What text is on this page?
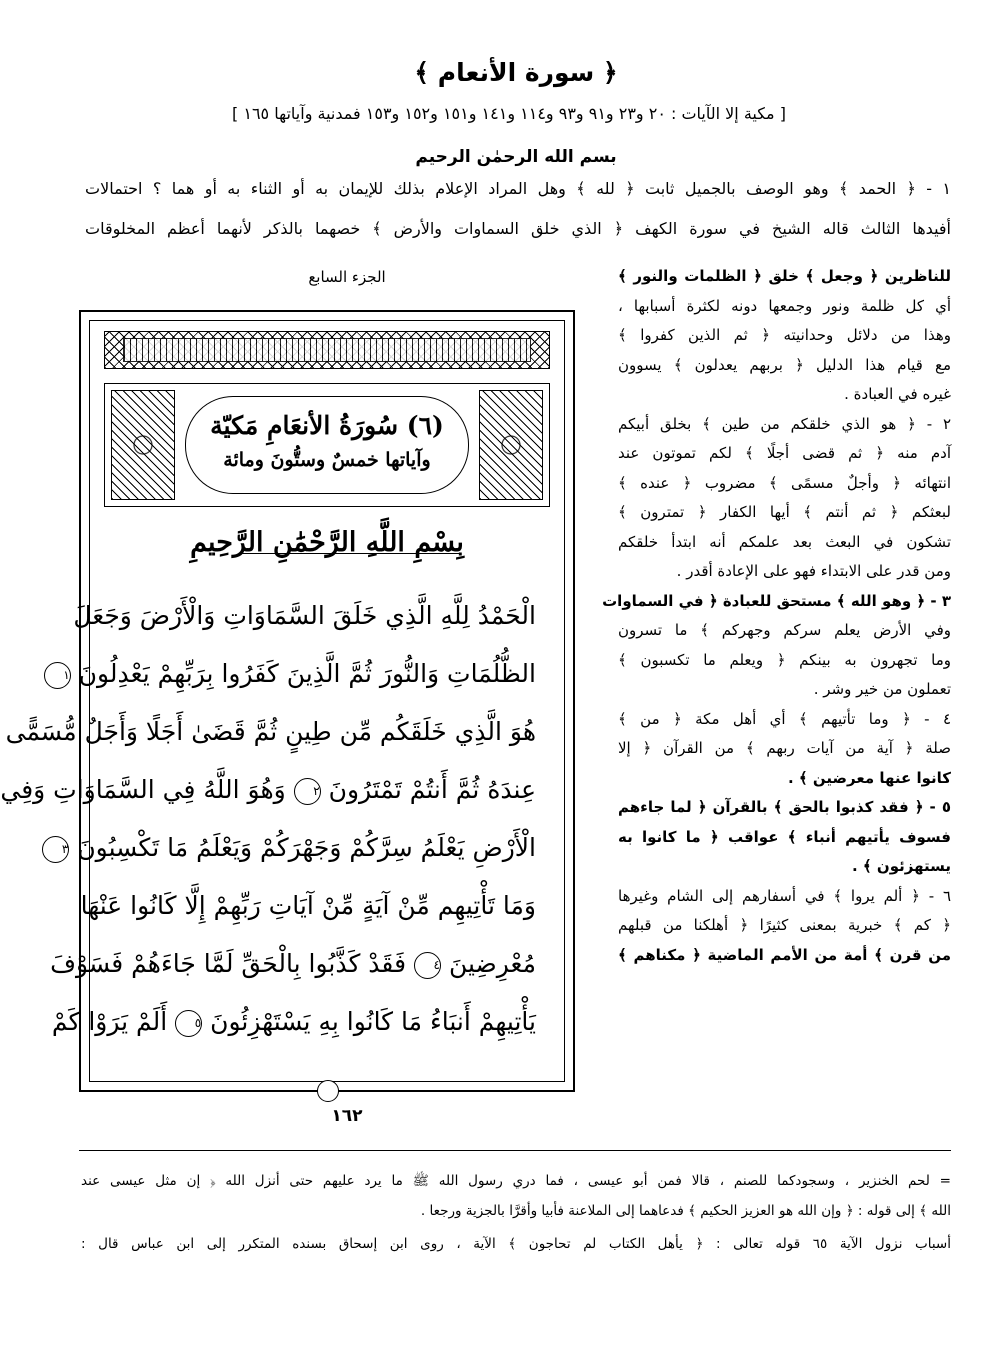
﴿ سورة الأنعام ﴾
[ مكية إلا الآيات : ٢٠ و٢٣ و٩١ و٩٣ و١١٤ و١٤١ و١٥١ و١٥٢ و١٥٣ فمدنية وآياتها ١٦٥ ]
بسم الله الرحمٰن الرحيم
١ - ﴿ الحمد ﴾ وهو الوصف بالجميل ثابت ﴿ لله ﴾ وهل المراد الإعلام بذلك للإيمان به أو الثناء به أو هما ؟ احتمالات
أفيدها الثالث قاله الشيخ في سورة الكهف ﴿ الذي خلق السماوات والأرض ﴾ خصهما بالذكر لأنهما أعظم المخلوقات
للناظرين ﴿ وجعل ﴾ خلق ﴿ الظلمات والنور ﴾
أي كل ظلمة ونور وجمعها دونه لكثرة أسبابها ،
وهذا من دلائل وحدانيته ﴿ ثم الذين كفروا ﴾
مع قيام هذا الدليل ﴿ بربهم يعدلون ﴾ يسوون
غيره في العبادة .
٢ - ﴿ هو الذي خلقكم من طين ﴾ بخلق أبيكم
آدم منه ﴿ ثم قضى أجلًا ﴾ لكم تموتون عند
انتهائه ﴿ وأجلٌ مسمًى ﴾ مضروب ﴿ عنده ﴾
لبعثكم ﴿ ثم أنتم ﴾ أيها الكفار ﴿ تمترون ﴾
تشكون في البعث بعد علمكم أنه ابتدأ خلقكم
ومن قدر على الابتداء فهو على الإعادة أقدر .
٣ - ﴿ وهو الله ﴾ مستحق للعبادة ﴿ في السماوات
وفي الأرض يعلم سركم وجهركم ﴾ ما تسرون
وما تجهرون به بينكم ﴿ ويعلم ما تكسبون ﴾
تعملون من خير وشر .
٤ - ﴿ وما تأتيهم ﴾ أي أهل مكة ﴿ من ﴾
صلة ﴿ آية من آيات ربهم ﴾ من القرآن ﴿ إلا
كانوا عنها معرضين ﴾ .
٥ - ﴿ فقد كذبوا بالحق ﴾ بالقرآن ﴿ لما جاءهم
فسوف يأتيهم أنباء ﴾ عواقب ﴿ ما كانوا به
يستهزئون ﴾ .
٦ - ﴿ ألم يروا ﴾ في أسفارهم إلى الشام وغيرها
﴿ كم ﴾ خبرية بمعنى كثيرًا ﴿ أهلكنا من قبلهم
من قرن ﴾ أمة من الأمم الماضية ﴿ مكناهم ﴾
الجزء السابع
(٦) سُورَةُ الأنعَامِ مَكيّة
وآياتها خمسٌ وستُّونَ ومائة
بِسْمِ اللَّهِ الرَّحْمَٰنِ الرَّحِيمِ
الْحَمْدُ لِلَّهِ الَّذِي خَلَقَ السَّمَاوَاتِ وَالْأَرْضَ وَجَعَلَ
الظُّلُمَاتِ وَالنُّورَ ثُمَّ الَّذِينَ كَفَرُوا بِرَبِّهِمْ يَعْدِلُونَ ١
هُوَ الَّذِي خَلَقَكُم مِّن طِينٍ ثُمَّ قَضَىٰ أَجَلًا وَأَجَلٌ مُّسَمًّى
عِندَهُ ثُمَّ أَنتُمْ تَمْتَرُونَ ٢ وَهُوَ اللَّهُ فِي السَّمَاوَاتِ وَفِي
الْأَرْضِ يَعْلَمُ سِرَّكُمْ وَجَهْرَكُمْ وَيَعْلَمُ مَا تَكْسِبُونَ ٣
وَمَا تَأْتِيهِم مِّنْ آيَةٍ مِّنْ آيَاتِ رَبِّهِمْ إِلَّا كَانُوا عَنْهَا
مُعْرِضِينَ ٤ فَقَدْ كَذَّبُوا بِالْحَقِّ لَمَّا جَاءَهُمْ فَسَوْفَ
يَأْتِيهِمْ أَنبَاءُ مَا كَانُوا بِهِ يَسْتَهْزِئُونَ ٥ أَلَمْ يَرَوْا كَمْ
١٦٢
= لحم الخنزير ، وسجودكما للصنم ، قالا فمن أبو عيسى ، فما دري رسول الله ﷺ ما يرد عليهم حتى أنزل الله ﴿ إن مثل عيسى عند
الله ﴾ إلى قوله : ﴿ وإن الله هو العزيز الحكيم ﴾ فدعاهما إلى الملاعنة فأبيا وأقرَّا بالجزية ورجعا .
أسباب نزول الآية ٦٥ قوله تعالى : ﴿ يأهل الكتاب لم تحاجون ﴾ الآية ، روى ابن إسحاق بسنده المتكرر إلى ابن عباس قال :
